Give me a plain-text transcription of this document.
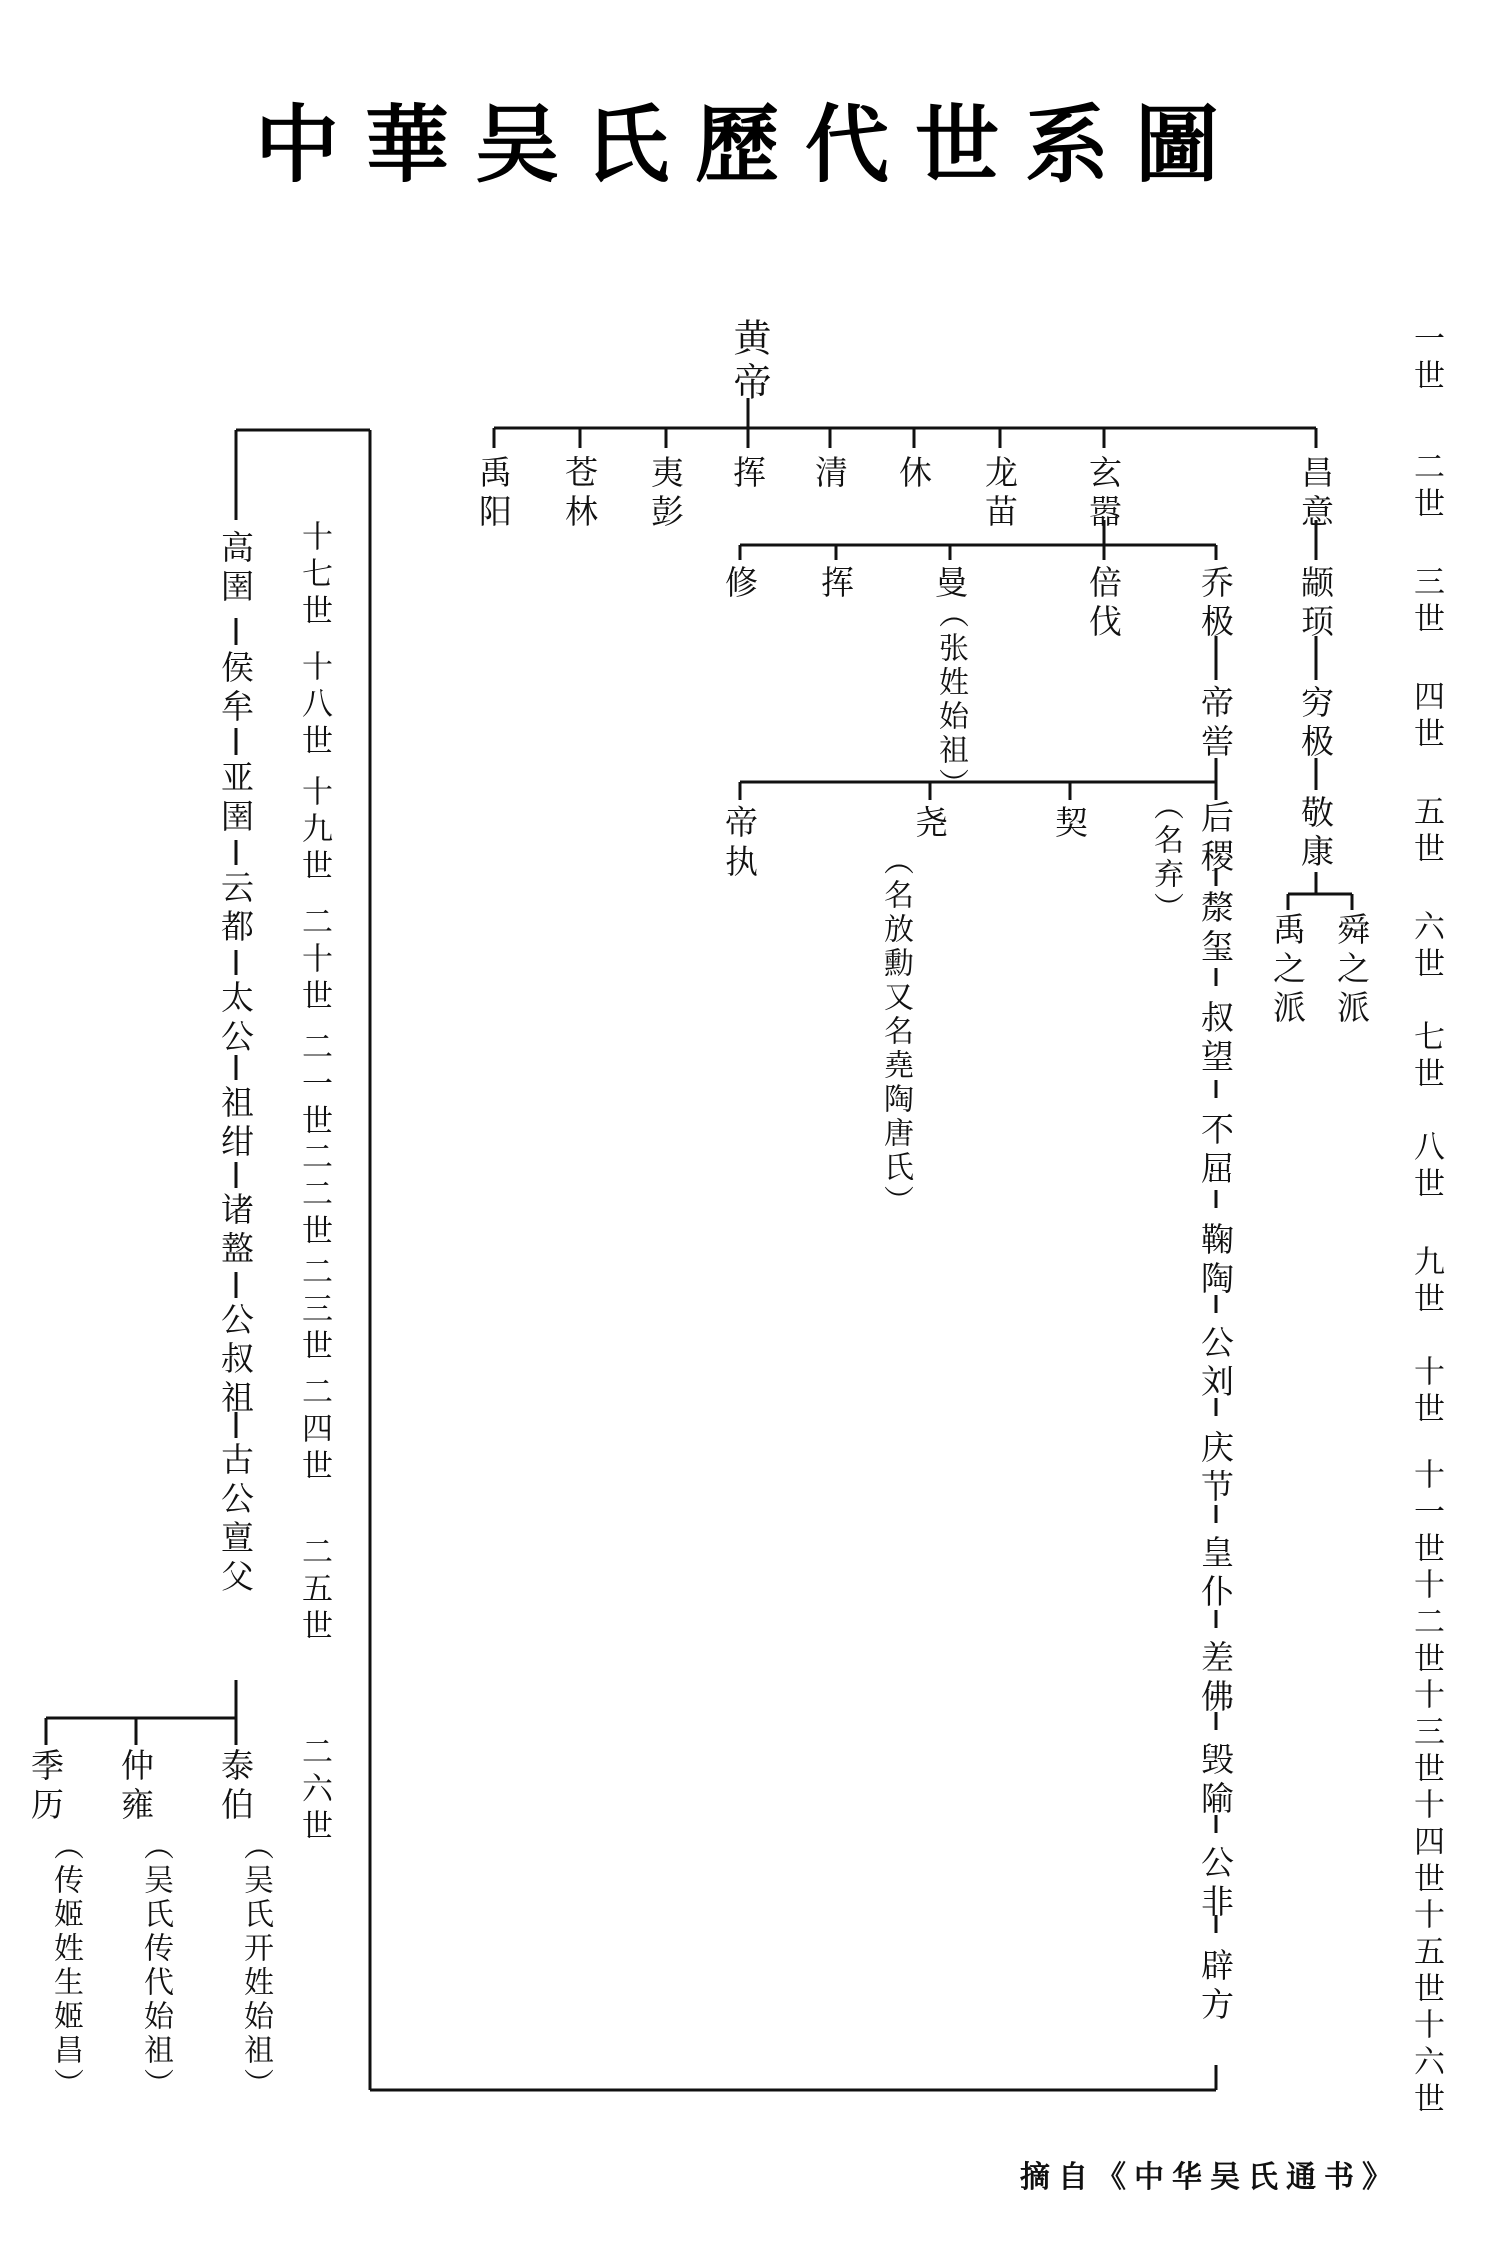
中華吴氏歷代世系圖
一世
二世
三世
四世
五世
六世
七世
八世
九世
十世
十一世
十二世
十三世
十四世
十五世
十六世
十七世
十八世
十九世
二十世
二一世
二二世
二三世
二四世
二五世
二六世
黄帝
禹阳 苍林 夷彭 挥 清 休 龙苗 玄嚣	昌意
修 挥 曼
（张姓始祖）	倍伐 乔极
帝喾
帝执	尧
（名放勳又名堯陶唐氏）
契 （名弃） 后稷
漦玺
叔望
不屈
鞠陶
公刘
庆节
皇仆
差佛
毁隃
公非
辟方
颛顼
穷极
敬康
舜之派
禹之派
高圉
侯牟
亚圉
云都
太公
祖绀
诸盩
公叔祖
古公亶父
泰伯
（吴氏开姓始祖）
仲雍
（吴氏传代始祖）
季历
（传姬姓生姬昌）
摘自《中华吴氏通书》
